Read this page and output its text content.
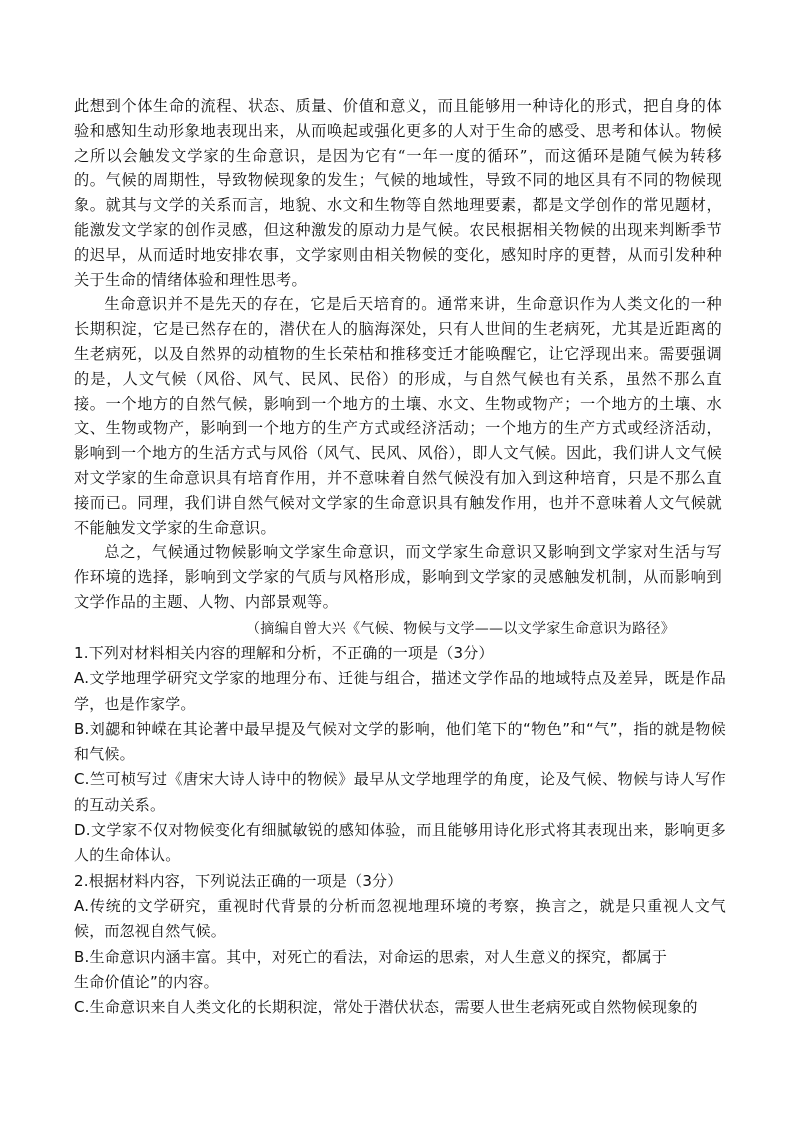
此想到个体生命的流程、状态、质量、价值和意义，而且能够用一种诗化的形式，把自身的体验和感知生动形象地表现出来，从而唤起或强化更多的人对于生命的感受、思考和体认。物候之所以会触发文学家的生命意识，是因为它有“一年一度的循环”，而这循环是随气候为转移的。气候的周期性，导致物候现象的发生；气候的地域性，导致不同的地区具有不同的物候现象。就其与文学的关系而言，地貌、水文和生物等自然地理要素，都是文学创作的常见题材，能激发文学家的创作灵感，但这种激发的原动力是气候。农民根据相关物候的出现来判断季节的迟早，从而适时地安排农事，文学家则由相关物候的变化，感知时序的更替，从而引发种种关于生命的情绪体验和理性思考。

生命意识并不是先天的存在，它是后天培育的。通常来讲，生命意识作为人类文化的一种长期积淀，它是已然存在的，潜伏在人的脑海深处，只有人世间的生老病死，尤其是近距离的生老病死，以及自然界的动植物的生长荣枯和推移变迁才能唤醒它，让它浮现出来。需要强调的是，人文气候（风俗、风气、民风、民俗）的形成，与自然气候也有关系，虽然不那么直接。一个地方的自然气候，影响到一个地方的土壤、水文、生物或物产；一个地方的土壤、水文、生物或物产，影响到一个地方的生产方式或经济活动；一个地方的生产方式或经济活动，影响到一个地方的生活方式与风俗（风气、民风、风俗），即人文气候。因此，我们讲人文气候对文学家的生命意识具有培育作用，并不意味着自然气候没有加入到这种培育，只是不那么直接而已。同理，我们讲自然气候对文学家的生命意识具有触发作用，也并不意味着人文气候就不能触发文学家的生命意识。

总之，气候通过物候影响文学家生命意识，而文学家生命意识又影响到文学家对生活与写作环境的选择，影响到文学家的气质与风格形成，影响到文学家的灵感触发机制，从而影响到文学作品的主题、人物、内部景观等。

（摘编自曾大兴《气候、物候与文学——以文学家生命意识为路径》

1.下列对材料相关内容的理解和分析，不正确的一项是（3分）

A.文学地理学研究文学家的地理分布、迁徙与组合，描述文学作品的地域特点及差异，既是作品学，也是作家学。

B.刘勰和钟嵘在其论著中最早提及气候对文学的影响，他们笔下的“物色”和“气”，指的就是物候和气候。

C.竺可桢写过《唐宋大诗人诗中的物候》最早从文学地理学的角度，论及气候、物候与诗人写作的互动关系。

D.文学家不仅对物候变化有细腻敏锐的感知体验，而且能够用诗化形式将其表现出来，影响更多人的生命体认。

2.根据材料内容，下列说法正确的一项是（3分）

A.传统的文学研究，重视时代背景的分析而忽视地理环境的考察，换言之，就是只重视人文气候，而忽视自然气候。

B.生命意识内涵丰富。其中，对死亡的看法，对命运的思索，对人生意义的探究，都属于

生命价值论”的内容。

C.生命意识来自人类文化的长期积淀，常处于潜伏状态，需要人世生老病死或自然物候现象的
